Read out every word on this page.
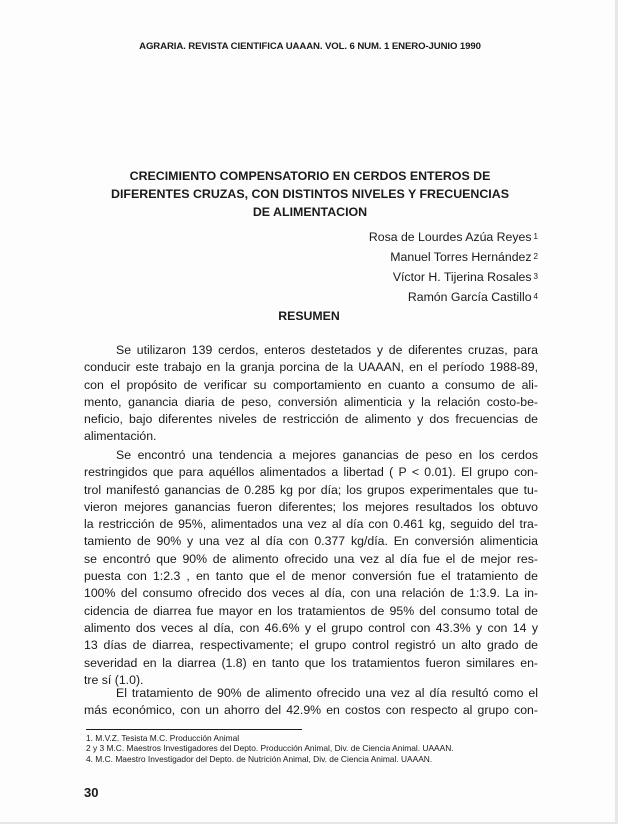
AGRARIA. REVISTA CIENTIFICA UAAAN. VOL. 6 NUM. 1 ENERO-JUNIO 1990
CRECIMIENTO COMPENSATORIO EN CERDOS ENTEROS DE
DIFERENTES CRUZAS, CON DISTINTOS NIVELES Y FRECUENCIAS
DE ALIMENTACION
Rosa de Lourdes Azúa Reyes $^1$
Manuel Torres Hernández $^2$
Víctor H. Tijerina Rosales $^3$
Ramón García Castillo $^4$
RESUMEN
Se utilizaron 139 cerdos, enteros destetados y de diferentes cruzas, para
conducir este trabajo en la granja porcina de la UAAAN, en el período 1988-89,
con el propósito de verificar su comportamiento en cuanto a consumo de ali-
mento, ganancia diaria de peso, conversión alimenticia y la relación costo-be-
neficio, bajo diferentes niveles de restricción de alimento y dos frecuencias de
alimentación.
Se encontró una tendencia a mejores ganancias de peso en los cerdos
restringidos que para aquéllos alimentados a libertad ( P < 0.01). El grupo con-
trol manifestó ganancias de 0.285 kg por día; los grupos experimentales que tu-
vieron mejores ganancias fueron diferentes; los mejores resultados los obtuvo
la restricción de 95%, alimentados una vez al día con 0.461 kg, seguido del tra-
tamiento de 90% y una vez al día con 0.377 kg/día. En conversión alimenticia
se encontró que 90% de alimento ofrecido una vez al día fue el de mejor res-
puesta con 1:2.3 , en tanto que el de menor conversión fue el tratamiento de
100% del consumo ofrecido dos veces al día, con una relación de 1:3.9. La in-
cidencia de diarrea fue mayor en los tratamientos de 95% del consumo total de
alimento dos veces al día, con 46.6% y el grupo control con 43.3% y con 14 y
13 días de diarrea, respectivamente; el grupo control registró un alto grado de
severidad en la diarrea (1.8) en tanto que los tratamientos fueron similares en-
tre sí (1.0).
El tratamiento de 90% de alimento ofrecido una vez al día resultó como el
más económico, con un ahorro del 42.9% en costos con respecto al grupo con-
1. M.V.Z. Tesista M.C. Producción Animal
2 y 3 M.C. Maestros Investigadores del Depto. Producción Animal, Div. de Ciencia Animal. UAAAN.
4. M.C. Maestro Investigador del Depto. de Nutrición Animal, Div. de Ciencia Animal. UAAAN.
30
